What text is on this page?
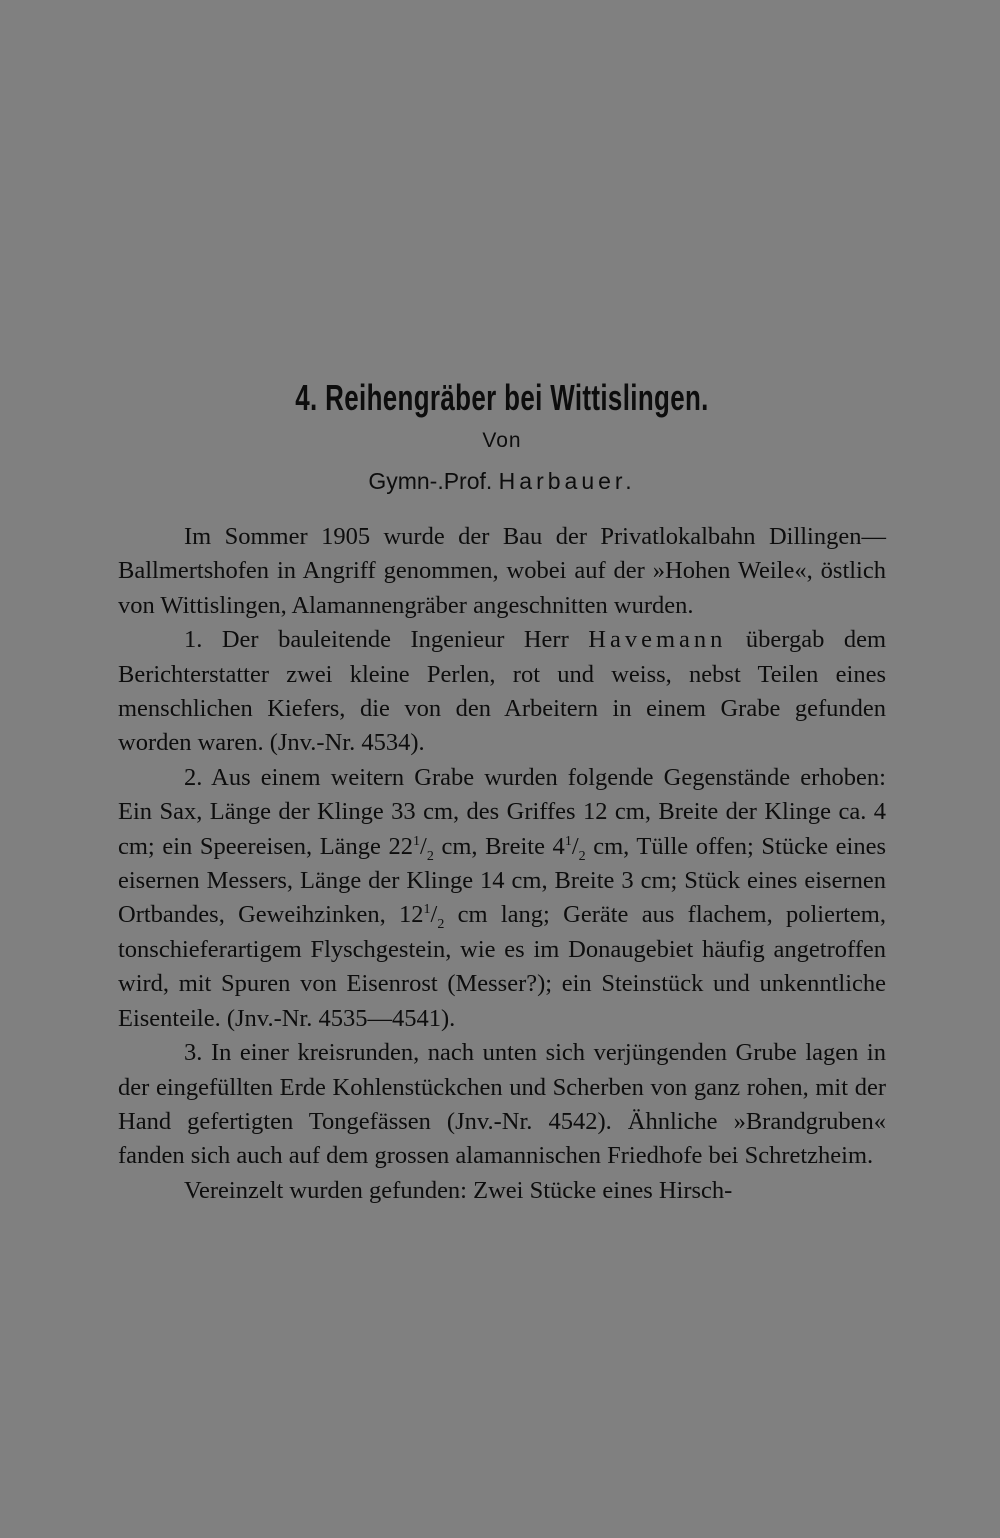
4. Reihengräber bei Wittislingen.
Von
Gymn-.Prof. Harbauer.

Im Sommer 1905 wurde der Bau der Privatlokalbahn Dillingen—Ballmertshofen in Angriff genommen, wobei auf der »Hohen Weile«, östlich von Wittislingen, Alamannengräber angeschnitten wurden.

1. Der bauleitende Ingenieur Herr Havemann übergab dem Berichterstatter zwei kleine Perlen, rot und weiss, nebst Teilen eines menschlichen Kiefers, die von den Arbeitern in einem Grabe gefunden worden waren. (Jnv.-Nr. 4534).

2. Aus einem weitern Grabe wurden folgende Gegenstände erhoben: Ein Sax, Länge der Klinge 33 cm, des Griffes 12 cm, Breite der Klinge ca. 4 cm; ein Speereisen, Länge $22^1/_2$ cm, Breite $4^1/_2$ cm, Tülle offen; Stücke eines eisernen Messers, Länge der Klinge 14 cm, Breite 3 cm; Stück eines eisernen Ortbandes, Geweihzinken, $12^1/_2$ cm lang; Geräte aus flachem, poliertem, tonschieferartigem Flyschgestein, wie es im Donaugebiet häufig angetroffen wird, mit Spuren von Eisenrost (Messer?); ein Steinstück und unkenntliche Eisenteile. (Jnv.-Nr. 4535—4541).

3. In einer kreisrunden, nach unten sich verjüngenden Grube lagen in der eingefüllten Erde Kohlenstückchen und Scherben von ganz rohen, mit der Hand gefertigten Tongefässen (Jnv.-Nr. 4542). Ähnliche »Brandgruben« fanden sich auch auf dem grossen alamannischen Friedhofe bei Schretzheim.

Vereinzelt wurden gefunden: Zwei Stücke eines Hirsch-
